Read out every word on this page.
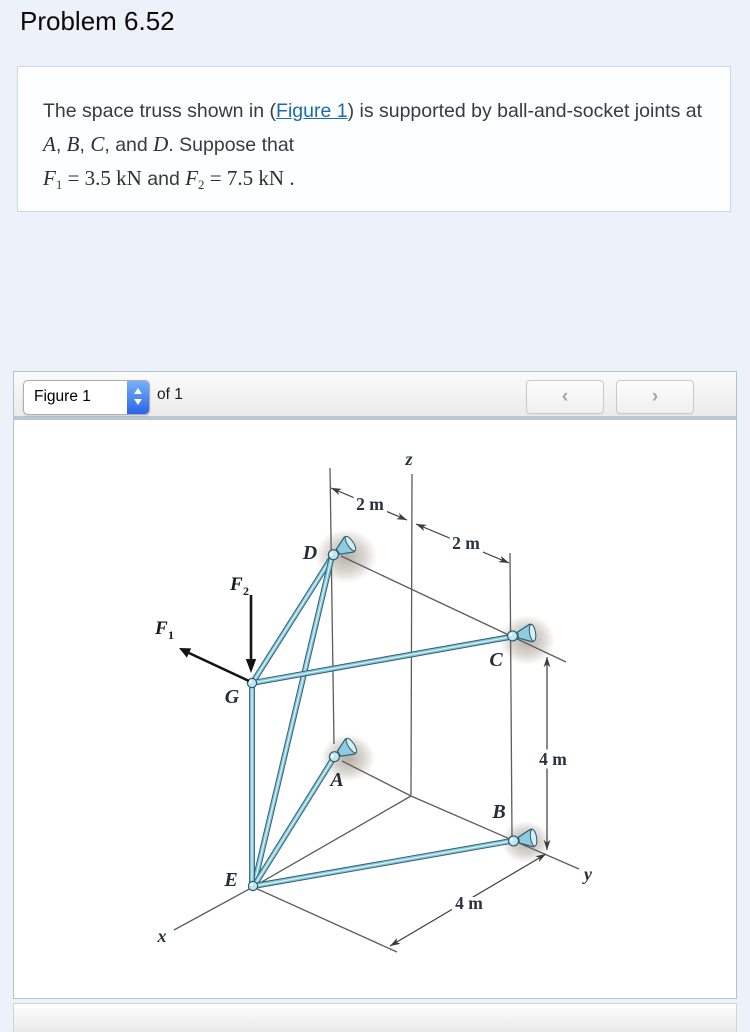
Problem 6.52
The space truss shown in (Figure 1) is supported by ball-and-socket joints at A, B, C, and D. Suppose that
$F_1 = 3.5$ kN and $F_2 = 7.5$ kN .
Figure 1	of 1	‹	›
D
G
C
A
B
E
z
y
x
2 m
2 m
4 m
4 m
F 2
F 1
